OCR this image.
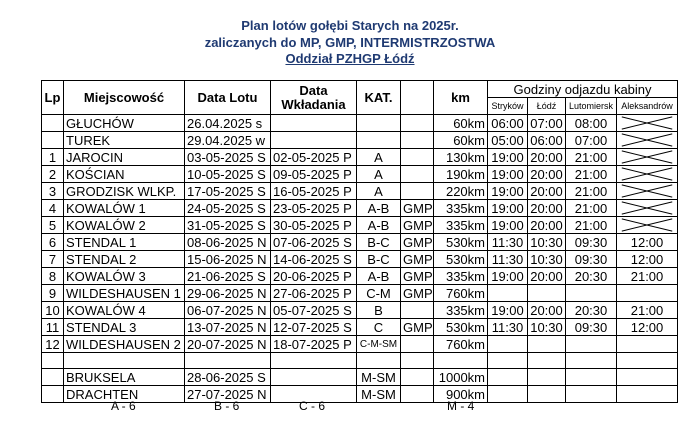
Plan lotów gołębi Starych na 2025r.
zaliczanych do MP, GMP, INTERMISTRZOSTWA
Oddział PZHGP Łódź
Lp	Miejscowość	Data Lotu	Data Wkładania	KAT.		km	Godziny odjazdu kabiny			
							Stryków	Łódź	Lutomiersk	Aleksandrów
	GŁUCHÓW	26.04.2025 s				60km	06:00	07:00	08:00	

	TUREK	29.04.2025 w				60km	05:00	06:00	07:00	

1	JAROCIN	03-05-2025 S	02-05-2025 P	A		130km	19:00	20:00	21:00	

2	KOŚCIAN	10-05-2025 S	09-05-2025 P	A		190km	19:00	20:00	21:00	

3	GRODZISK WLKP.	17-05-2025 S	16-05-2025 P	A		220km	19:00	20:00	21:00	

4	KOWALÓW 1	24-05-2025 S	23-05-2025 P	A-B	GMP	335km	19:00	20:00	21:00	

5	KOWALÓW 2	31-05-2025 S	30-05-2025 P	A-B	GMP	335km	19:00	20:00	21:00	

6	STENDAL 1	08-06-2025 N	07-06-2025 S	B-C	GMP	530km	11:30	10:30	09:30	12:00
7	STENDAL 2	15-06-2025 N	14-06-2025 S	B-C	GMP	530km	11:30	10:30	09:30	12:00
8	KOWALÓW 3	21-06-2025 S	20-06-2025 P	A-B	GMP	335km	19:00	20:00	20:30	21:00
9	WILDESHAUSEN 1	29-06-2025 N	27-06-2025 P	C-M	GMP	760km				
10	KOWALÓW 4	06-07-2025 N	05-07-2025 S	B		335km	19:00	20:00	20:30	21:00
11	STENDAL 3	13-07-2025 N	12-07-2025 S	C	GMP	530km	11:30	10:30	09:30	12:00
12	WILDESHAUSEN 2	20-07-2025 N	18-07-2025 P	C-M-SM		760km				

	BRUKSELA	28-06-2025 S		M-SM		1000km				
	DRACHTEN	27-07-2025 N		M-SM		900km				
A - 6	B - 6	C - 6	M - 4
